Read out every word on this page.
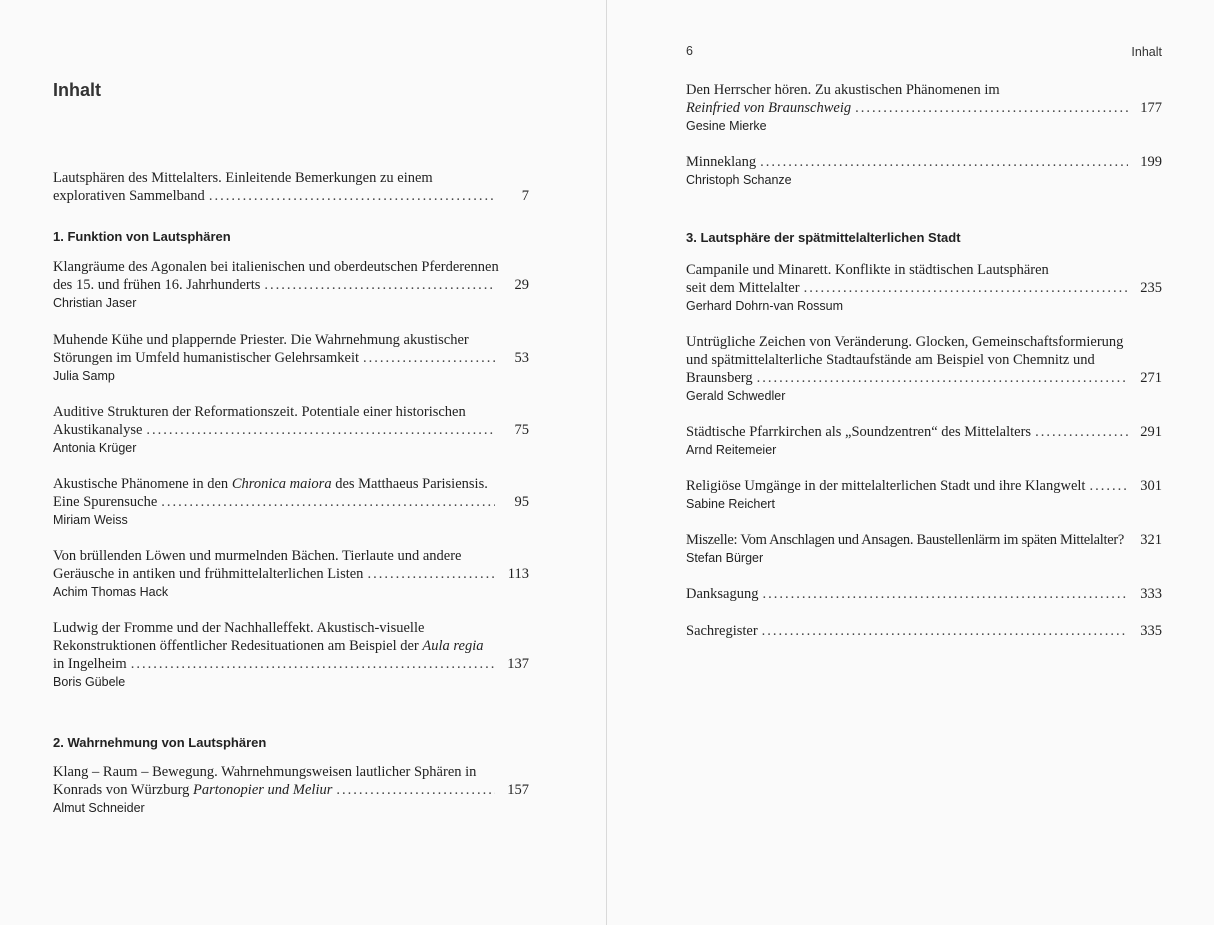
Inhalt
Lautsphären des Mittelalters. Einleitende Bemerkungen zu einem
explorativen Sammelband .....	7
1. Funktion von Lautsphären
Klangräume des Agonalen bei italienischen und oberdeutschen Pferderennen
des 15. und frühen 16. Jahrhunderts .....	29
Christian Jaser
Muhende Kühe und plappernde Priester. Die Wahrnehmung akustischer
Störungen im Umfeld humanistischer Gelehrsamkeit .....	53
Julia Samp
Auditive Strukturen der Reformationszeit. Potentiale einer historischen
Akustikanalyse .....	75
Antonia Krüger
Akustische Phänomene in den Chronica maiora des Matthaeus Parisiensis.
Eine Spurensuche .....	95
Miriam Weiss
Von brüllenden Löwen und murmelnden Bächen. Tierlaute und andere
Geräusche in antiken und frühmittelalterlichen Listen .....	113
Achim Thomas Hack
Ludwig der Fromme und der Nachhalleffekt. Akustisch-visuelle
Rekonstruktionen öffentlicher Redesituationen am Beispiel der Aula regia
in Ingelheim .....	137
Boris Gübele
2. Wahrnehmung von Lautsphären
Klang – Raum – Bewegung. Wahrnehmungsweisen lautlicher Sphären in
Konrads von Würzburg Partonopier und Meliur .....	157
Almut Schneider
6	Inhalt
Den Herrscher hören. Zu akustischen Phänomenen im
Reinfried von Braunschweig .....	177
Gesine Mierke
Minneklang .....	199
Christoph Schanze
3. Lautsphäre der spätmittelalterlichen Stadt
Campanile und Minarett. Konflikte in städtischen Lautsphären
seit dem Mittelalter .....	235
Gerhard Dohrn-van Rossum
Untrügliche Zeichen von Veränderung. Glocken, Gemeinschaftsformierung
und spätmittelalterliche Stadtaufstände am Beispiel von Chemnitz und
Braunsberg .....	271
Gerald Schwedler
Städtische Pfarrkirchen als „Soundzentren“ des Mittelalters .....	291
Arnd Reitemeier
Religiöse Umgänge in der mittelalterlichen Stadt und ihre Klangwelt .....	301
Sabine Reichert
Miszelle: Vom Anschlagen und Ansagen. Baustellenlärm im späten Mittelalter?	321
Stefan Bürger
Danksagung .....	333
Sachregister .....	335
